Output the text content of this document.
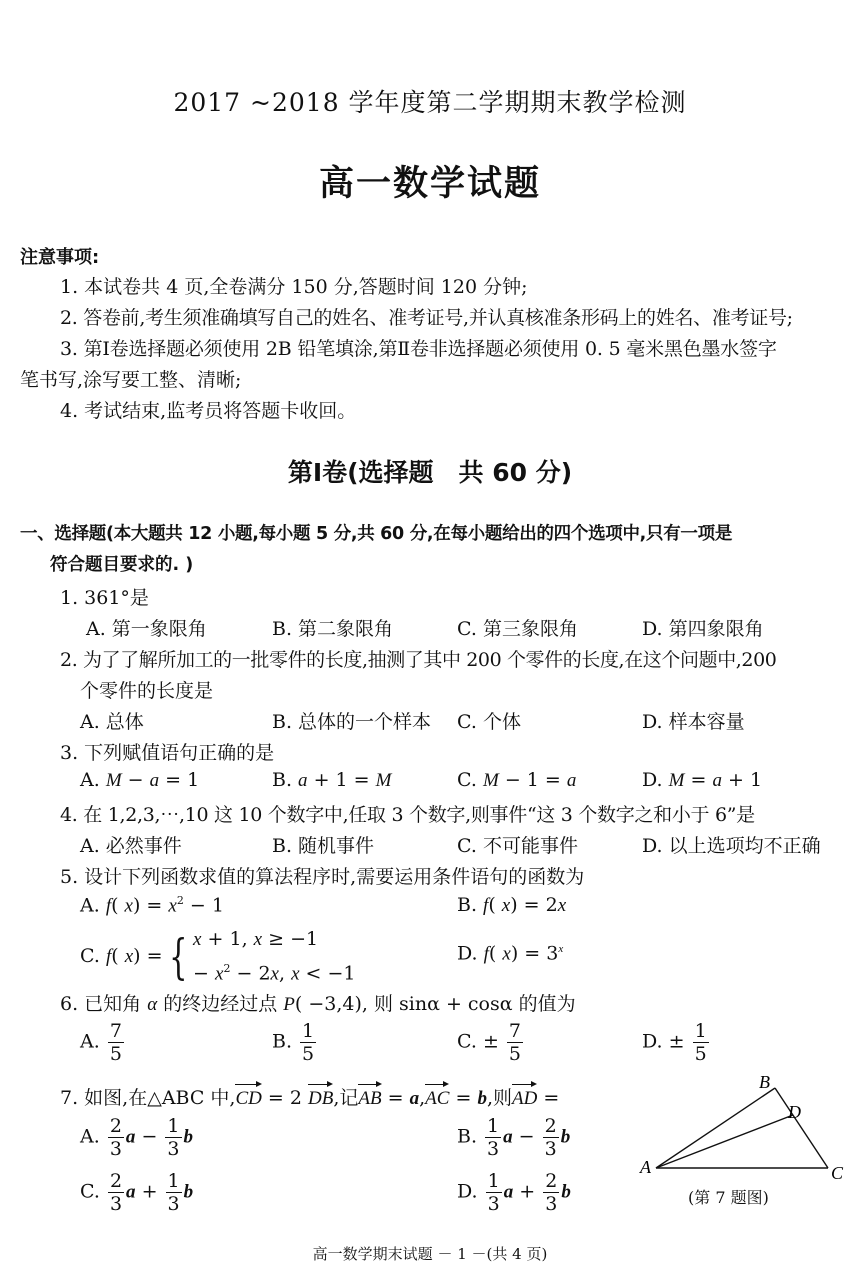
2017 ~2018 学年度第二学期期末教学检测
高一数学试题
注意事项:
1. 本试卷共 4 页,全卷满分 150 分,答题时间 120 分钟;
2. 答卷前,考生须准确填写自己的姓名、准考证号,并认真核准条形码上的姓名、准考证号;
3. 第Ⅰ卷选择题必须使用 2B 铅笔填涂,第Ⅱ卷非选择题必须使用 0. 5 毫米黑色墨水签字
笔书写,涂写要工整、清晰;
4. 考试结束,监考员将答题卡收回。
第Ⅰ卷(选择题　共 60 分)
一、选择题(本大题共 12 小题,每小题 5 分,共 60 分,在每小题给出的四个选项中,只有一项是
符合题目要求的. )
1. 361°是
A. 第一象限角	B. 第二象限角	C. 第三象限角	D. 第四象限角
2. 为了了解所加工的一批零件的长度,抽测了其中 200 个零件的长度,在这个问题中,200
个零件的长度是
A. 总体	B. 总体的一个样本 C. 个体	D. 样本容量
3. 下列赋值语句正确的是
A. M − a = 1	B. a + 1 = M	C. M − 1 = a	D. M = a + 1
4. 在 1,2,3,⋯,10 这 10 个数字中,任取 3 个数字,则事件“这 3 个数字之和小于 6”是
A. 必然事件	B. 随机事件	C. 不可能事件	D. 以上选项均不正确
5. 设计下列函数求值的算法程序时,需要运用条件语句的函数为
A. f( $x) = x^2 - 1$	B. f( x) = 2x
C. f( x) = { x + 1, x ≥ −1
− $x^2 - 2x$, x < −1
D. f( $x) = 3^x$
6. 已知角 α 的终边经过点 P( −3,4), 则 sinα + cosα 的值为
A. $\frac{7}{5}$	B. $\frac{1}{5}$	C. ± $\frac{7}{5}$	D. ± $\frac{1}{5}$
7. 如图,在△ABC 中,CD = 2 DB,记AB = a,AC = b,则AD =
A. $\frac{2}{3}$ $a - \frac{1}{3}$ b	B. $\frac{1}{3}$ $a - \frac{2}{3}$ b
C. $\frac{2}{3}$ $a + \frac{1}{3}$ b	D. $\frac{1}{3}$ $a + \frac{2}{3}$ b
A
B
C
D
(第 7 题图)
高一数学期末试题 － 1 －(共 4 页)
